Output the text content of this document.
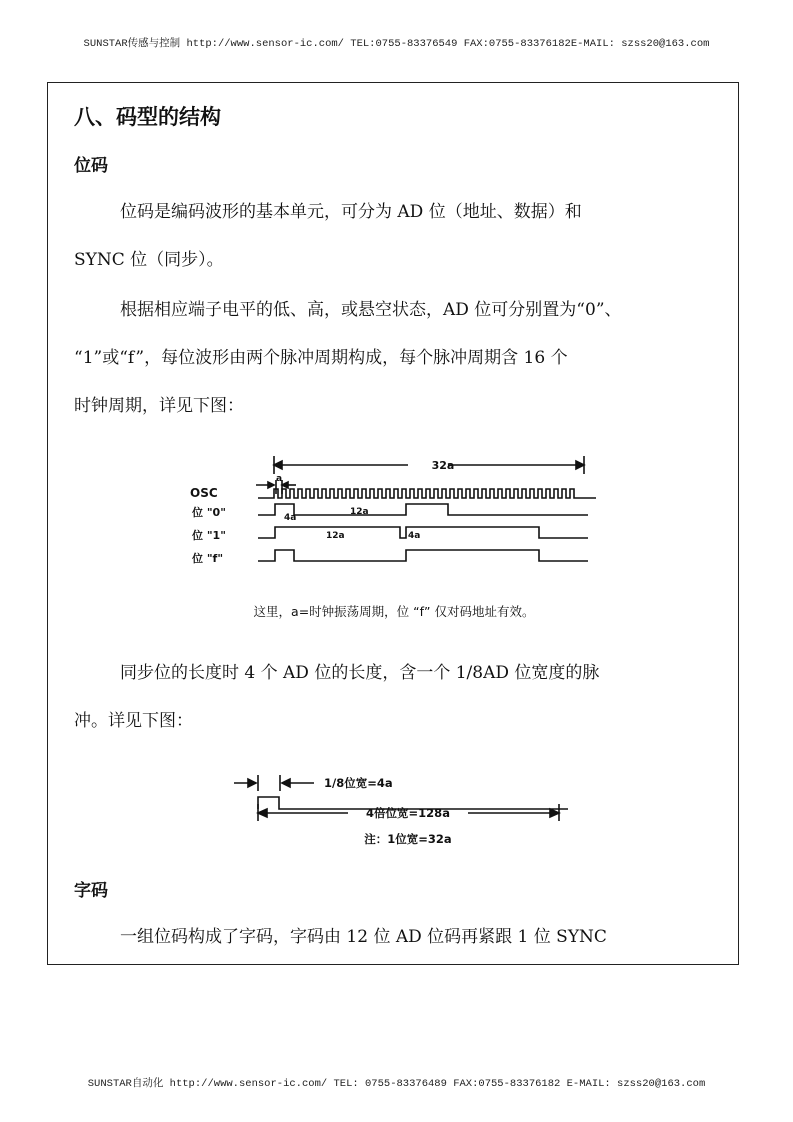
SUNSTAR传感与控制 http://www.sensor-ic.com/ TEL:0755-83376549 FAX:0755-83376182E-MAIL: szss20@163.com
八、码型的结构
位码
位码是编码波形的基本单元，可分为 AD 位（地址、数据）和
SYNC 位（同步）。
根据相应端子电平的低、高，或悬空状态，AD 位可分别置为“0”、
“1”或“f”，每位波形由两个脉冲周期构成，每个脉冲周期含 16 个
时钟周期，详见下图：
32a
a
OSC
位 "0"
位 "1"
位 "f"
4a
12a
12a	4a
这里，a=时钟振荡周期，位 “f” 仅对码地址有效。
同步位的长度时 4 个 AD 位的长度，含一个 1/8AD 位宽度的脉
冲。详见下图：
1/8位宽=4a
4倍位宽=128a
注：1位宽=32a
字码
一组位码构成了字码，字码由 12 位 AD 位码再紧跟 1 位 SYNC
SUNSTAR自动化 http://www.sensor-ic.com/ TEL: 0755-83376489 FAX:0755-83376182 E-MAIL: szss20@163.com
